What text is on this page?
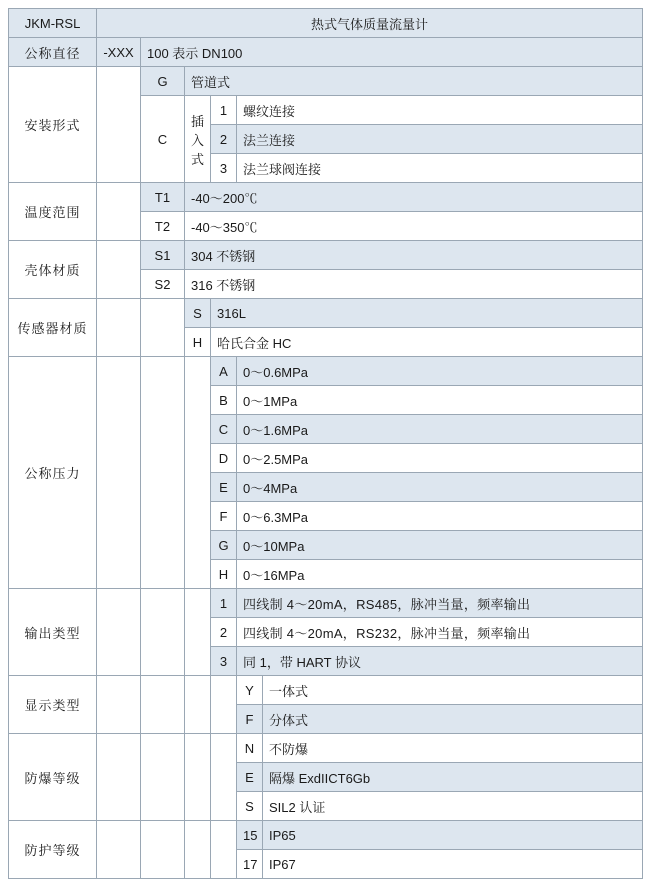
JKM-RSL	热式气体质量流量计					
公称直径	-XXX	100 表示 DN100				
安装形式		G	管道式			
		C	插入式	1	螺纹连接	
				2	法兰连接	
				3	法兰球阀连接	
温度范围		T1	-40～200℃			
		T2	-40～350℃			
壳体材质		S1	304 不锈钢			
		S2	316 不锈钢			
传感器材质			S	316L		
			H	哈氏合金 HC		
公称压力				A	0～0.6MPa	
				B	0～1MPa	
				C	0～1.6MPa	
				D	0～2.5MPa	
				E	0～4MPa	
				F	0～6.3MPa	
				G	0～10MPa	
				H	0～16MPa	
输出类型				1	四线制 4～20mA，RS485，脉冲当量，频率输出	
				2	四线制 4～20mA，RS232，脉冲当量，频率输出	
				3	同 1，带 HART 协议	
显示类型					Y	一体式
					F	分体式
防爆等级					N	不防爆
					E	隔爆 ExdIICT6Gb
					S	SIL2 认证
防护等级					15	IP65
					17	IP67
